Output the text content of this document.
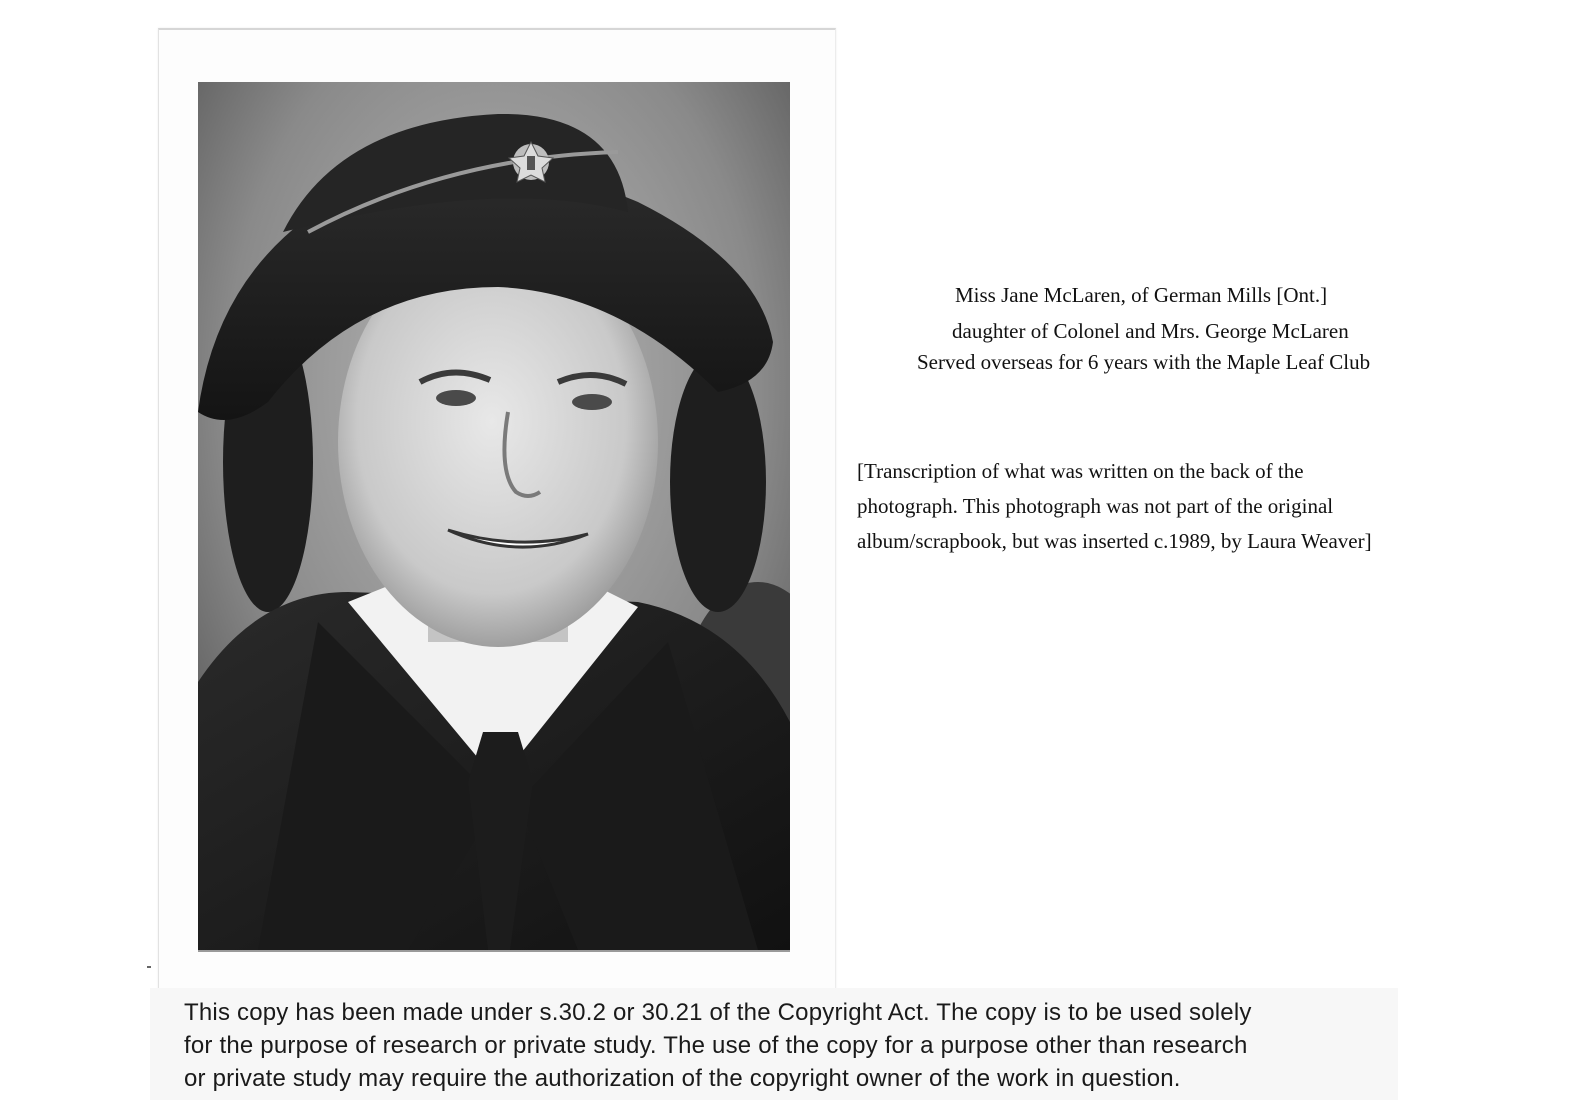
Miss Jane McLaren, of German Mills [Ont.]
daughter of Colonel and Mrs. George McLaren
Served overseas for 6 years with the Maple Leaf Club
[Transcription of what was written on the back of the
photograph. This photograph was not part of the original
album/scrapbook, but was inserted c.1989, by Laura Weaver]
This copy has been made under s.30.2 or 30.21 of the Copyright Act. The copy is to be used solely
for the purpose of research or private study. The use of the copy for a purpose other than research
or private study may require the authorization of the copyright owner of the work in question.
